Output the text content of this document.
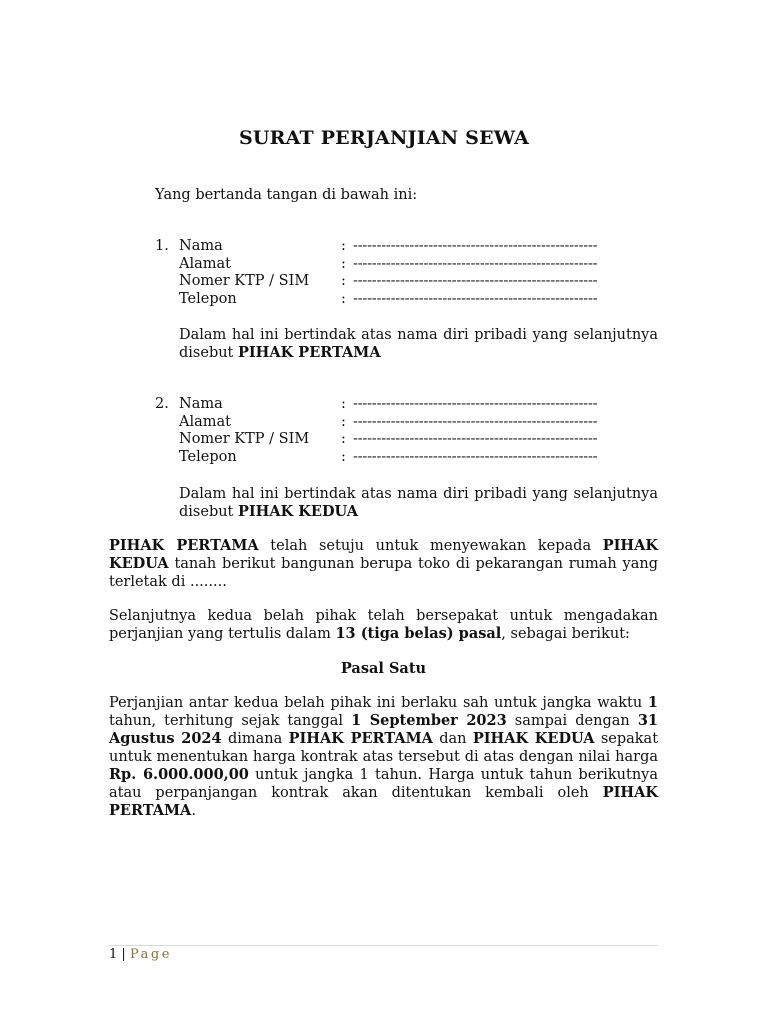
SURAT PERJANJIAN SEWA
Yang bertanda tangan di bawah ini:
1. Nama	: ----------------------------------------------------
Alamat	: ----------------------------------------------------
Nomer KTP / SIM : ----------------------------------------------------
Telepon	: ----------------------------------------------------
Dalam hal ini bertindak atas nama diri pribadi yang selanjutnya disebut PIHAK PERTAMA
2. Nama	: ----------------------------------------------------
Alamat	: ----------------------------------------------------
Nomer KTP / SIM : ----------------------------------------------------
Telepon	: ----------------------------------------------------
Dalam hal ini bertindak atas nama diri pribadi yang selanjutnya disebut PIHAK KEDUA
PIHAK PERTAMA telah setuju untuk menyewakan kepada PIHAK KEDUA tanah berikut bangunan berupa toko di pekarangan rumah yang terletak di ........
Selanjutnya kedua belah pihak telah bersepakat untuk mengadakan perjanjian yang tertulis dalam 13 (tiga belas) pasal, sebagai berikut:
Pasal Satu
Perjanjian antar kedua belah pihak ini berlaku sah untuk jangka waktu 1 tahun, terhitung sejak tanggal 1 September 2023 sampai dengan 31 Agustus 2024 dimana PIHAK PERTAMA dan PIHAK KEDUA sepakat untuk menentukan harga kontrak atas tersebut di atas dengan nilai harga Rp. 6.000.000,00 untuk jangka 1 tahun. Harga untuk tahun berikutnya atau perpanjangan kontrak akan ditentukan kembali oleh PIHAK PERTAMA.
1 | Page
